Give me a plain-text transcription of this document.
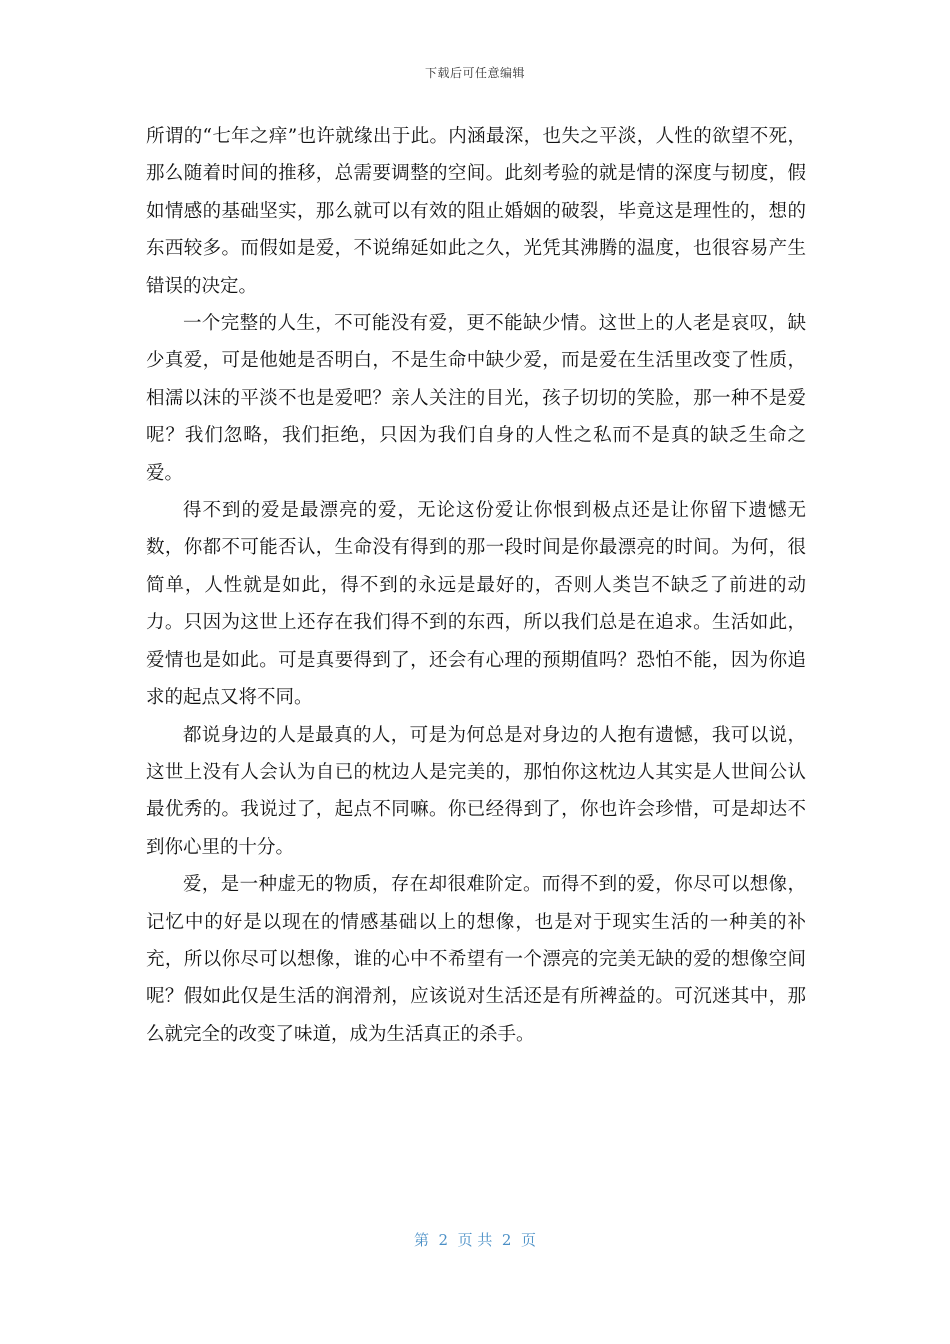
下载后可任意编辑

所谓的“七年之痒”也许就缘出于此。内涵最深，也失之平淡，人性的欲望不死，那么随着时间的推移，总需要调整的空间。此刻考验的就是情的深度与韧度，假如情感的基础坚实，那么就可以有效的阻止婚姻的破裂，毕竟这是理性的，想的东西较多。而假如是爱，不说绵延如此之久，光凭其沸腾的温度，也很容易产生错误的决定。

一个完整的人生，不可能没有爱，更不能缺少情。这世上的人老是哀叹，缺少真爱，可是他她是否明白，不是生命中缺少爱，而是爱在生活里改变了性质，相濡以沫的平淡不也是爱吧？亲人关注的目光，孩子切切的笑脸，那一种不是爱呢？我们忽略，我们拒绝，只因为我们自身的人性之私而不是真的缺乏生命之爱。

得不到的爱是最漂亮的爱，无论这份爱让你恨到极点还是让你留下遗憾无数，你都不可能否认，生命没有得到的那一段时间是你最漂亮的时间。为何，很简单，人性就是如此，得不到的永远是最好的，否则人类岂不缺乏了前进的动力。只因为这世上还存在我们得不到的东西，所以我们总是在追求。生活如此，爱情也是如此。可是真要得到了，还会有心理的预期值吗？恐怕不能，因为你追求的起点又将不同。

都说身边的人是最真的人，可是为何总是对身边的人抱有遗憾，我可以说，这世上没有人会认为自已的枕边人是完美的，那怕你这枕边人其实是人世间公认最优秀的。我说过了，起点不同嘛。你已经得到了，你也许会珍惜，可是却达不到你心里的十分。

爱，是一种虚无的物质，存在却很难阶定。而得不到的爱，你尽可以想像，记忆中的好是以现在的情感基础以上的想像，也是对于现实生活的一种美的补充，所以你尽可以想像，谁的心中不希望有一个漂亮的完美无缺的爱的想像空间呢？假如此仅是生活的润滑剂，应该说对生活还是有所裨益的。可沉迷其中，那么就完全的改变了味道，成为生活真正的杀手。

第  2  页 共  2  页
